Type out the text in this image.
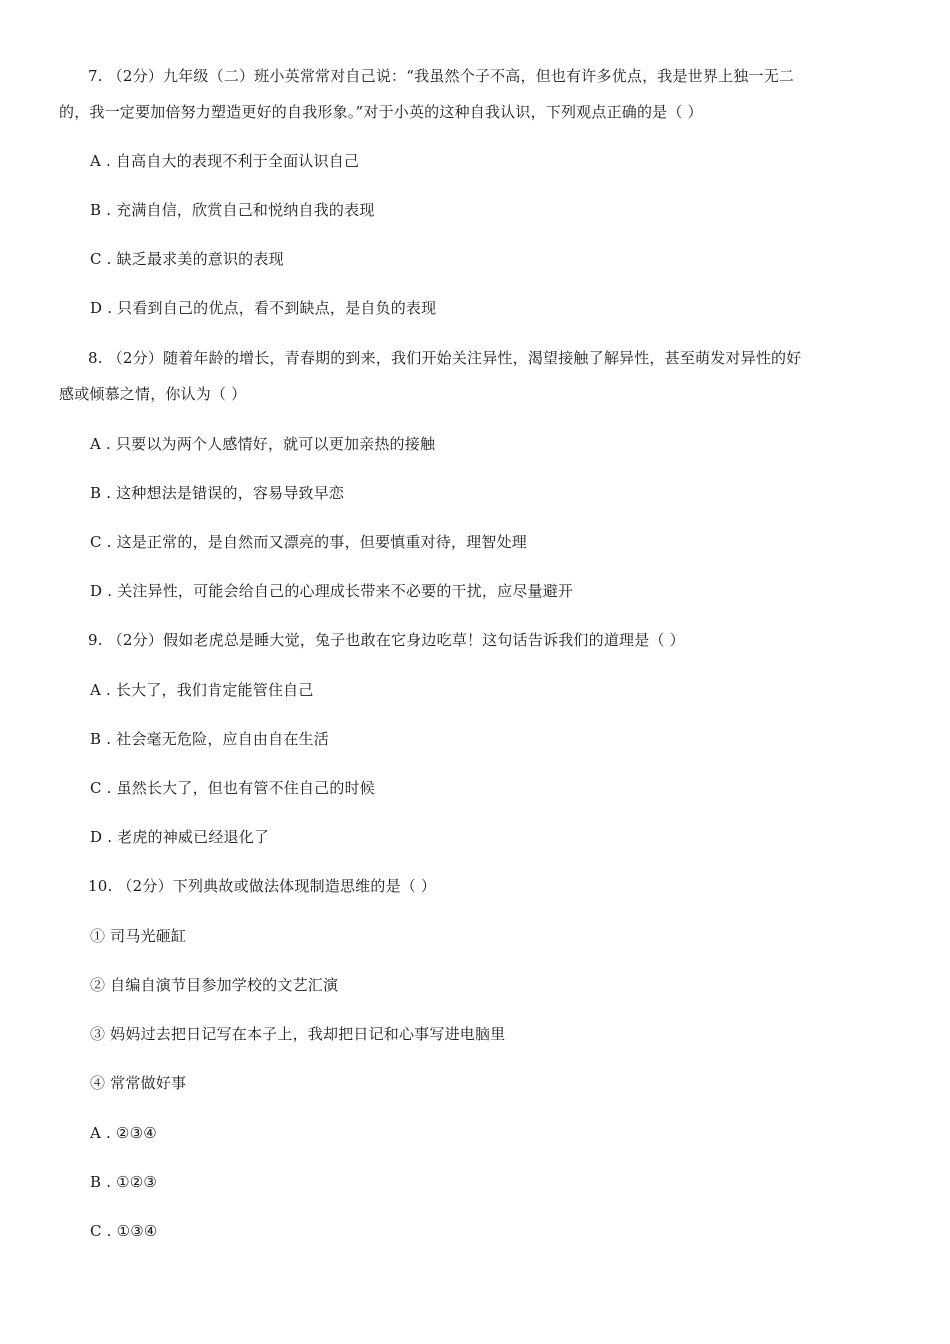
7. （2分）九年级（二）班小英常常对自己说：“我虽然个子不高，但也有许多优点，我是世界上独一无二
的，我一定要加倍努力塑造更好的自我形象。”对于小英的这种自我认识，下列观点正确的是（ ）
A . 自高自大的表现不利于全面认识自己
B . 充满自信，欣赏自己和悦纳自我的表现
C . 缺乏最求美的意识的表现
D . 只看到自己的优点，看不到缺点，是自负的表现
8. （2分）随着年龄的增长，青春期的到来，我们开始关注异性，渴望接触了解异性，甚至萌发对异性的好
感或倾慕之情，你认为（ ）
A . 只要以为两个人感情好，就可以更加亲热的接触
B . 这种想法是错误的，容易导致早恋
C . 这是正常的，是自然而又漂亮的事，但要慎重对待，理智处理
D . 关注异性，可能会给自己的心理成长带来不必要的干扰，应尽量避开
9. （2分）假如老虎总是睡大觉，兔子也敢在它身边吃草！这句话告诉我们的道理是（ ）
A . 长大了，我们肯定能管住自己
B . 社会毫无危险，应自由自在生活
C . 虽然长大了，但也有管不住自己的时候
D . 老虎的神威已经退化了
10. （2分）下列典故或做法体现制造思维的是（ ）
① 司马光砸缸
② 自编自演节目参加学校的文艺汇演
③ 妈妈过去把日记写在本子上，我却把日记和心事写进电脑里
④ 常常做好事
A . ②③④
B . ①②③
C . ①③④
